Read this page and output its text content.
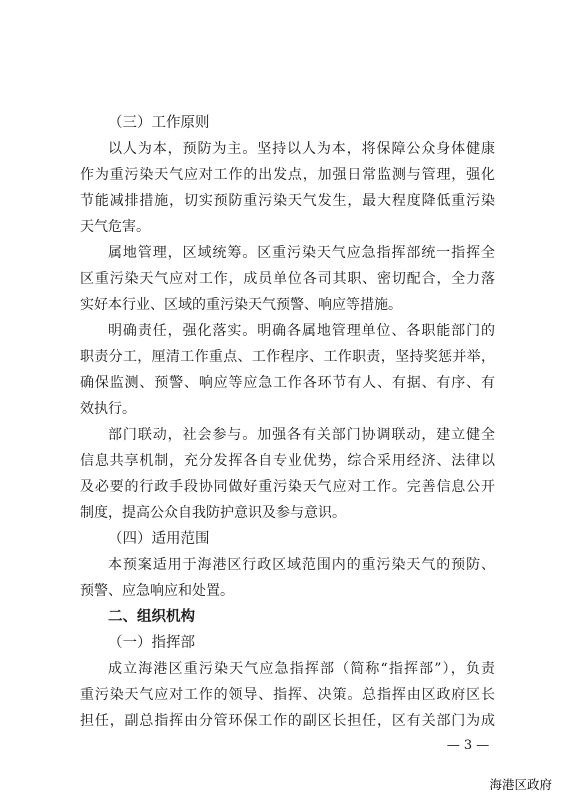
（三）工作原则
以人为本，预防为主。坚持以人为本，将保障公众身体健康
作为重污染天气应对工作的出发点，加强日常监测与管理，强化
节能减排措施，切实预防重污染天气发生，最大程度降低重污染
天气危害。
属地管理，区域统筹。区重污染天气应急指挥部统一指挥全
区重污染天气应对工作，成员单位各司其职、密切配合，全力落
实好本行业、区域的重污染天气预警、响应等措施。
明确责任，强化落实。明确各属地管理单位、各职能部门的
职责分工，厘清工作重点、工作程序、工作职责，坚持奖惩并举，
确保监测、预警、响应等应急工作各环节有人、有据、有序、有
效执行。
部门联动，社会参与。加强各有关部门协调联动，建立健全
信息共享机制，充分发挥各自专业优势，综合采用经济、法律以
及必要的行政手段协同做好重污染天气应对工作。完善信息公开
制度，提高公众自我防护意识及参与意识。
（四）适用范围
本预案适用于海港区行政区域范围内的重污染天气的预防、
预警、应急响应和处置。
二、组织机构
（一）指挥部
成立海港区重污染天气应急指挥部（简称“指挥部”），负责
重污染天气应对工作的领导、指挥、决策。总指挥由区政府区长
担任，副总指挥由分管环保工作的副区长担任，区有关部门为成
— 3 —
海港区政府
